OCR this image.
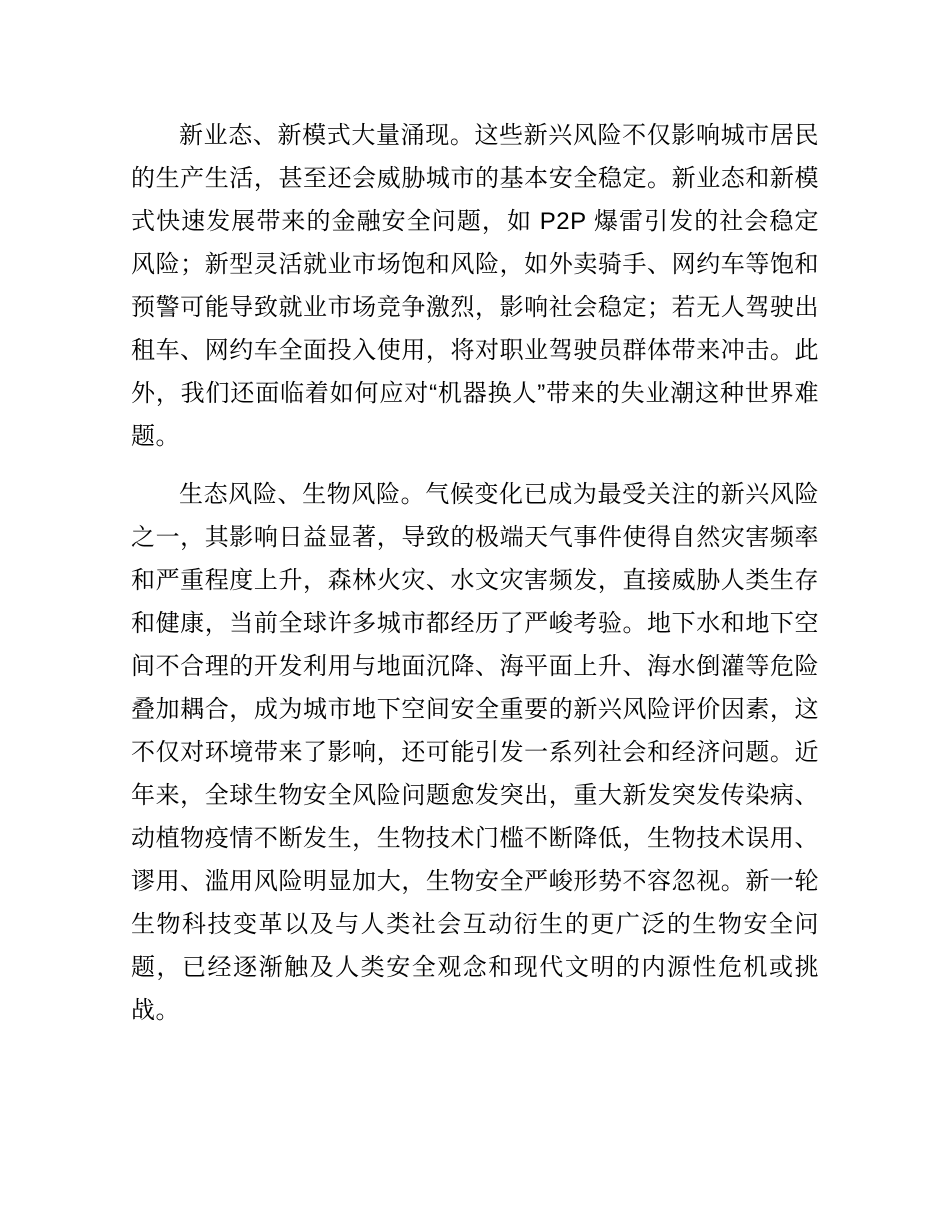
新业态、新模式大量涌现。这些新兴风险不仅影响城市居民的生产生活，甚至还会威胁城市的基本安全稳定。新业态和新模式快速发展带来的金融安全问题，如 P2P 爆雷引发的社会稳定风险；新型灵活就业市场饱和风险，如外卖骑手、网约车等饱和预警可能导致就业市场竞争激烈，影响社会稳定；若无人驾驶出租车、网约车全面投入使用，将对职业驾驶员群体带来冲击。此外，我们还面临着如何应对“机器换人”带来的失业潮这种世界难题。

生态风险、生物风险。气候变化已成为最受关注的新兴风险之一，其影响日益显著，导致的极端天气事件使得自然灾害频率和严重程度上升，森林火灾、水文灾害频发，直接威胁人类生存和健康，当前全球许多城市都经历了严峻考验。地下水和地下空间不合理的开发利用与地面沉降、海平面上升、海水倒灌等危险叠加耦合，成为城市地下空间安全重要的新兴风险评价因素，这不仅对环境带来了影响，还可能引发一系列社会和经济问题。近年来，全球生物安全风险问题愈发突出，重大新发突发传染病、动植物疫情不断发生，生物技术门槛不断降低，生物技术误用、谬用、滥用风险明显加大，生物安全严峻形势不容忽视。新一轮生物科技变革以及与人类社会互动衍生的更广泛的生物安全问题，已经逐渐触及人类安全观念和现代文明的内源性危机或挑战。
